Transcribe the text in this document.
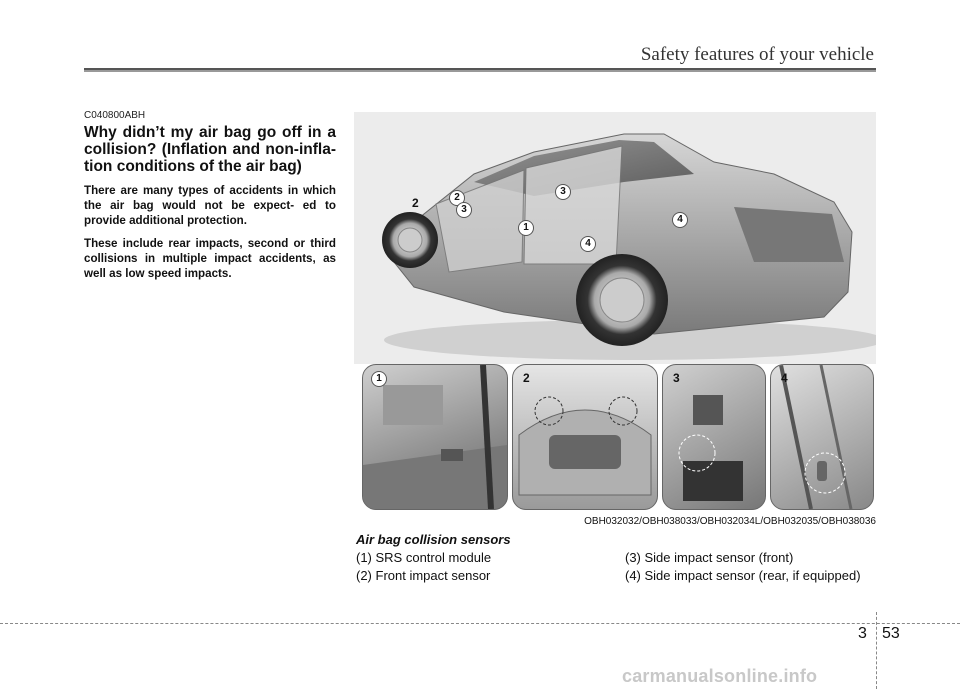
Safety features of your vehicle
C040800ABH
Why didn’t my air bag go off in a collision? (Inflation and non-infla- tion conditions of the air bag)

There are many types of accidents in which the air bag would not be expect- ed to provide additional protection.

These include rear impacts, second or third collisions in multiple impact accidents, as well as low speed impacts.

1
2	2
3
3
4
4
1	2	3	4
OBH032032/OBH038033/OBH032034L/OBH032035/OBH038036
Air bag collision sensors
(1) SRS control module
(2) Front impact sensor
(3) Side impact sensor (front)
(4) Side impact sensor (rear, if equipped)
3 53
carmanualsonline.info
